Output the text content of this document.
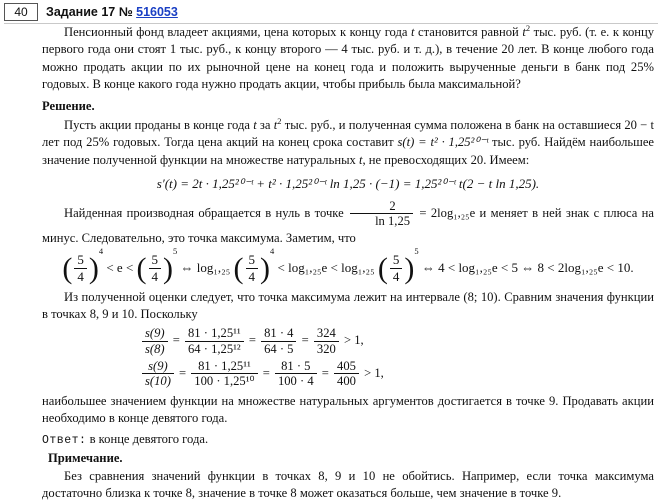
40	Задание 17 № 516053

Пенсионный фонд владеет акциями, цена которых к концу года t становится равной $t^2$ тыс. руб. (т. е. к концу первого года они стоят 1 тыс. руб., к концу второго — 4 тыс. руб. и т. д.), в течение 20 лет. В конце любого года можно продать акции по их рыночной цене на конец года и положить вырученные деньги в банк под 25% годовых. В конце какого года нужно продать акции, чтобы прибыль была максимальной?

Решение.

Пусть акции проданы в конце года t за $t^2$ тыс. руб., и полученная сумма положена в банк на оставшиеся 20 − t лет под 25% годовых. Тогда цена акций на конец срока составит s(t) = t² · 1,25²⁰⁻ᵗ тыс. руб. Найдём наибольшее значение полученной функции на множестве натуральных t, не превосходящих 20. Имеем:

s′(t) = 2t · 1,25²⁰⁻ᵗ + t² · 1,25²⁰⁻ᵗ ln 1,25 · (−1) = 1,25²⁰⁻ᵗ t(2 − t ln 1,25).

Найденная производная обращается в нуль в точке $\frac{2}{\ln 1,25} = 2\log_1,_{25}e$ и меняет в ней знак с плюса на минус. Следовательно, это точка максимума. Заметим, что

( $\frac{5}{4} )^4 < e$ < ( $\frac{5}{4} )^5$ ⇔ log₁,₂₅ ( $\frac{5}{4} )^4 < \log_1,_{25}e < \log_1,_{25}$ ( $\frac{5}{4} )^5$ ⇔ 4 < log₁,₂₅e < 5 ⇔ 8 < 2log₁,₂₅e < 10.

Из полученной оценки следует, что точка максимума лежит на интервале (8; 10). Сравним значения функции в точках 8, 9 и 10. Поскольку

$\frac{s(9)}{s(8)} = \frac{\text{81 · 1,25¹¹}}{\text{64 · 1,25¹²}} = \frac{81 \cdot 4}{64 \cdot 5} = \frac{324}{320} > 1$,
$\frac{s(9)}{s(10)} = \frac{\text{81 · 1,25¹¹}}{\text{100 · 1,25¹⁰}} = \frac{81 \cdot 5}{100 \cdot 4} = \frac{405}{400} > 1$,

наибольшее значением функции на множестве натуральных аргументов достигается в точке 9. Продавать акции необходимо в конце девятого года.

Ответ: в конце девятого года.

Примечание.

Без сравнения значений функции в точках 8, 9 и 10 не обойтись. Например, если точка максимума достаточно близка к точке 8, значение в точке 8 может оказаться больше, чем значение в точке 9.
